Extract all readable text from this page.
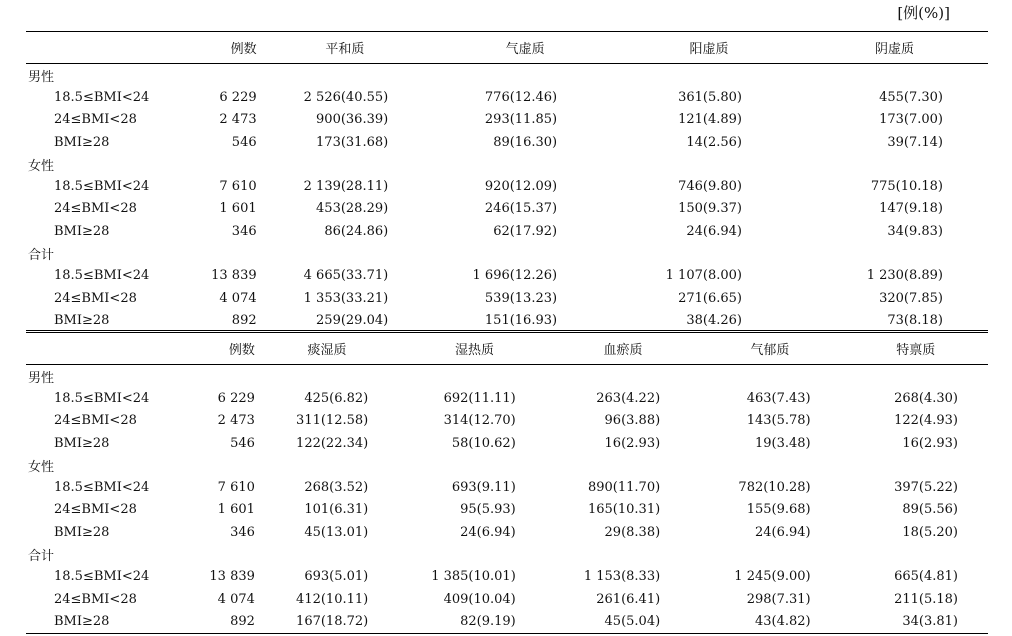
[例(%)]
	例数	平和质	气虚质	阳虚质	阴虚质
男性					
18.5≤BMI<24	6 229	2 526(40.55)	776(12.46)	361(5.80)	455(7.30)
24≤BMI<28	2 473	900(36.39)	293(11.85)	121(4.89)	173(7.00)
BMI≥28	546	173(31.68)	89(16.30)	14(2.56)	39(7.14)
女性					
18.5≤BMI<24	7 610	2 139(28.11)	920(12.09)	746(9.80)	775(10.18)
24≤BMI<28	1 601	453(28.29)	246(15.37)	150(9.37)	147(9.18)
BMI≥28	346	86(24.86)	62(17.92)	24(6.94)	34(9.83)
合计					
18.5≤BMI<24	13 839	4 665(33.71)	1 696(12.26)	1 107(8.00)	1 230(8.89)
24≤BMI<28	4 074	1 353(33.21)	539(13.23)	271(6.65)	320(7.85)
BMI≥28	892	259(29.04)	151(16.93)	38(4.26)	73(8.18)
	例数	痰湿质	湿热质	血瘀质	气郁质	特禀质
男性						
18.5≤BMI<24	6 229	425(6.82)	692(11.11)	263(4.22)	463(7.43)	268(4.30)
24≤BMI<28	2 473	311(12.58)	314(12.70)	96(3.88)	143(5.78)	122(4.93)
BMI≥28	546	122(22.34)	58(10.62)	16(2.93)	19(3.48)	16(2.93)
女性						
18.5≤BMI<24	7 610	268(3.52)	693(9.11)	890(11.70)	782(10.28)	397(5.22)
24≤BMI<28	1 601	101(6.31)	95(5.93)	165(10.31)	155(9.68)	89(5.56)
BMI≥28	346	45(13.01)	24(6.94)	29(8.38)	24(6.94)	18(5.20)
合计						
18.5≤BMI<24	13 839	693(5.01)	1 385(10.01)	1 153(8.33)	1 245(9.00)	665(4.81)
24≤BMI<28	4 074	412(10.11)	409(10.04)	261(6.41)	298(7.31)	211(5.18)
BMI≥28	892	167(18.72)	82(9.19)	45(5.04)	43(4.82)	34(3.81)
